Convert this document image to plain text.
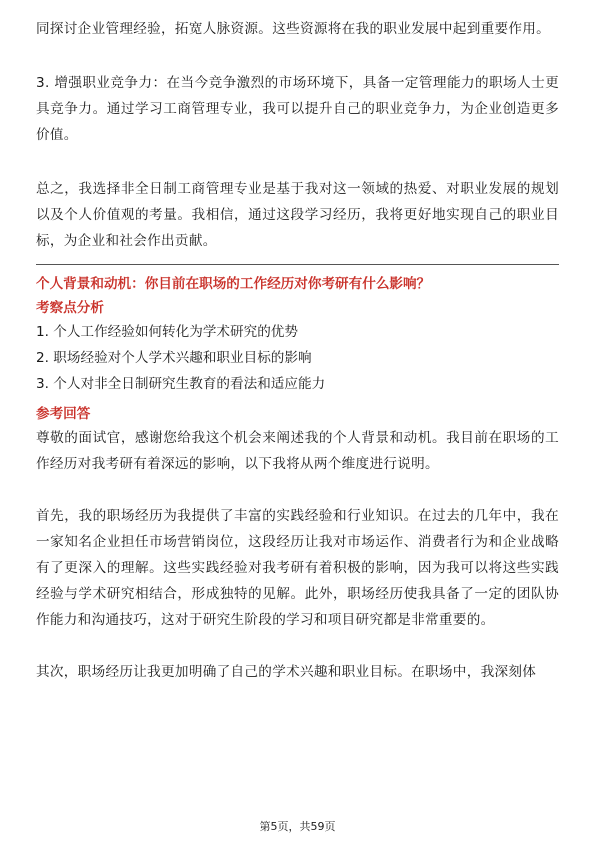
同探讨企业管理经验，拓宽人脉资源。这些资源将在我的职业发展中起到重要作用。

3. 增强职业竞争力：在当今竞争激烈的市场环境下，具备一定管理能力的职场人士更具竞争力。通过学习工商管理专业，我可以提升自己的职业竞争力，为企业创造更多价值。

总之，我选择非全日制工商管理专业是基于我对这一领域的热爱、对职业发展的规划以及个人价值观的考量。我相信，通过这段学习经历，我将更好地实现自己的职业目标，为企业和社会作出贡献。

个人背景和动机：你目前在职场的工作经历对你考研有什么影响？

考察点分析

1. 个人工作经验如何转化为学术研究的优势
2. 职场经验对个人学术兴趣和职业目标的影响
3. 个人对非全日制研究生教育的看法和适应能力

参考回答

尊敬的面试官，感谢您给我这个机会来阐述我的个人背景和动机。我目前在职场的工作经历对我考研有着深远的影响，以下我将从两个维度进行说明。

首先，我的职场经历为我提供了丰富的实践经验和行业知识。在过去的几年中，我在一家知名企业担任市场营销岗位，这段经历让我对市场运作、消费者行为和企业战略有了更深入的理解。这些实践经验对我考研有着积极的影响，因为我可以将这些实践经验与学术研究相结合，形成独特的见解。此外，职场经历使我具备了一定的团队协作能力和沟通技巧，这对于研究生阶段的学习和项目研究都是非常重要的。

其次，职场经历让我更加明确了自己的学术兴趣和职业目标。在职场中，我深刻体

第5页，共59页
